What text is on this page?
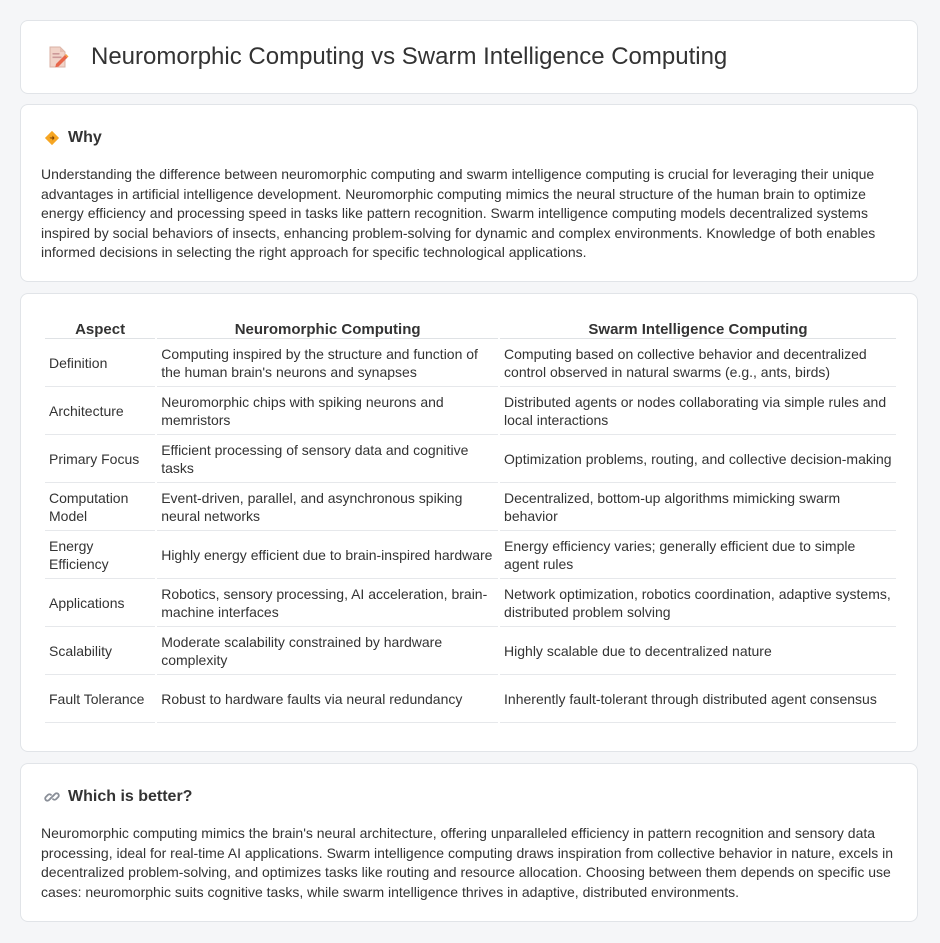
Neuromorphic Computing vs Swarm Intelligence Computing
Why
Understanding the difference between neuromorphic computing and swarm intelligence computing is crucial for leveraging their unique advantages in artificial intelligence development. Neuromorphic computing mimics the neural structure of the human brain to optimize energy efficiency and processing speed in tasks like pattern recognition. Swarm intelligence computing models decentralized systems inspired by social behaviors of insects, enhancing problem-solving for dynamic and complex environments. Knowledge of both enables informed decisions in selecting the right approach for specific technological applications.
Aspect	Neuromorphic Computing	Swarm Intelligence Computing
Definition	Computing inspired by the structure and function of the human brain's neurons and synapses	Computing based on collective behavior and decentralized control observed in natural swarms (e.g., ants, birds)
Architecture	Neuromorphic chips with spiking neurons and memristors	Distributed agents or nodes collaborating via simple rules and local interactions
Primary Focus	Efficient processing of sensory data and cognitive tasks	Optimization problems, routing, and collective decision-making
Computation Model	Event-driven, parallel, and asynchronous spiking neural networks	Decentralized, bottom-up algorithms mimicking swarm behavior
Energy Efficiency	Highly energy efficient due to brain-inspired hardware	Energy efficiency varies; generally efficient due to simple agent rules
Applications	Robotics, sensory processing, AI acceleration, brain-machine interfaces	Network optimization, robotics coordination, adaptive systems, distributed problem solving
Scalability	Moderate scalability constrained by hardware complexity	Highly scalable due to decentralized nature
Fault Tolerance	Robust to hardware faults via neural redundancy	Inherently fault-tolerant through distributed agent consensus
Which is better?
Neuromorphic computing mimics the brain's neural architecture, offering unparalleled efficiency in pattern recognition and sensory data processing, ideal for real-time AI applications. Swarm intelligence computing draws inspiration from collective behavior in nature, excels in decentralized problem-solving, and optimizes tasks like routing and resource allocation. Choosing between them depends on specific use cases: neuromorphic suits cognitive tasks, while swarm intelligence thrives in adaptive, distributed environments.
